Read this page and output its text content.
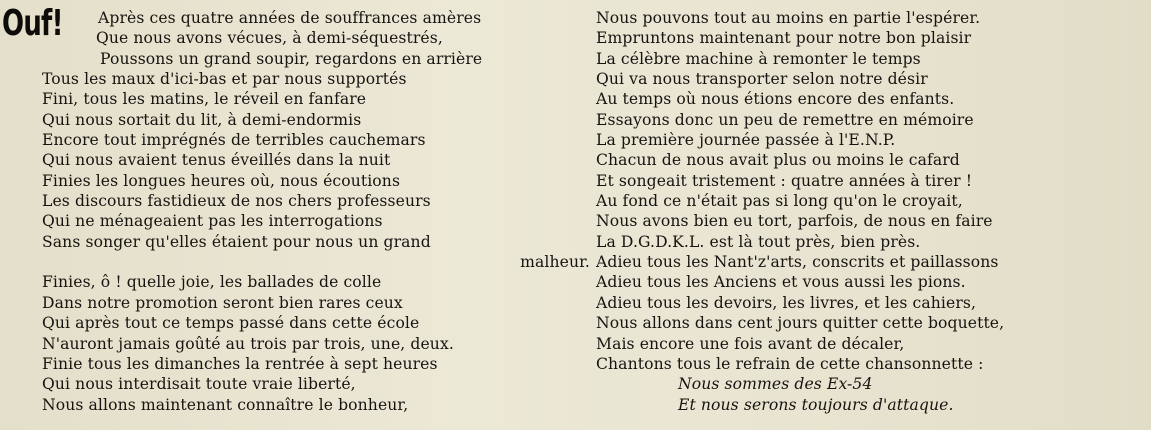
Ouf!	Après ces quatre années de souffrances amères
Que nous avons vécues, à demi-séquestrés,
Poussons un grand soupir, regardons en arrière
Tous les maux d'ici-bas et par nous supportés
Fini, tous les matins, le réveil en fanfare
Qui nous sortait du lit, à demi-endormis
Encore tout imprégnés de terribles cauchemars
Qui nous avaient tenus éveillés dans la nuit
Finies les longues heures où, nous écoutions
Les discours fastidieux de nos chers professeurs
Qui ne ménageaient pas les interrogations
Sans songer qu'elles étaient pour nous un grand
malheur.
Finies, ô ! quelle joie, les ballades de colle
Dans notre promotion seront bien rares ceux
Qui après tout ce temps passé dans cette école
N'auront jamais goûté au trois par trois, une, deux.
Finie tous les dimanches la rentrée à sept heures
Qui nous interdisait toute vraie liberté,
Nous allons maintenant connaître le bonheur,
Nous pouvons tout au moins en partie l'espérer.
Empruntons maintenant pour notre bon plaisir
La célèbre machine à remonter le temps
Qui va nous transporter selon notre désir
Au temps où nous étions encore des enfants.
Essayons donc un peu de remettre en mémoire
La première journée passée à l'E.N.P.
Chacun de nous avait plus ou moins le cafard
Et songeait tristement : quatre années à tirer !
Au fond ce n'était pas si long qu'on le croyait,
Nous avons bien eu tort, parfois, de nous en faire
La D.G.D.K.L. est là tout près, bien près.
Adieu tous les Nant'z'arts, conscrits et paillassons
Adieu tous les Anciens et vous aussi les pions.
Adieu tous les devoirs, les livres, et les cahiers,
Nous allons dans cent jours quitter cette boquette,
Mais encore une fois avant de décaler,
Chantons tous le refrain de cette chansonnette :
Nous sommes des Ex-54
Et nous serons toujours d'attaque.
